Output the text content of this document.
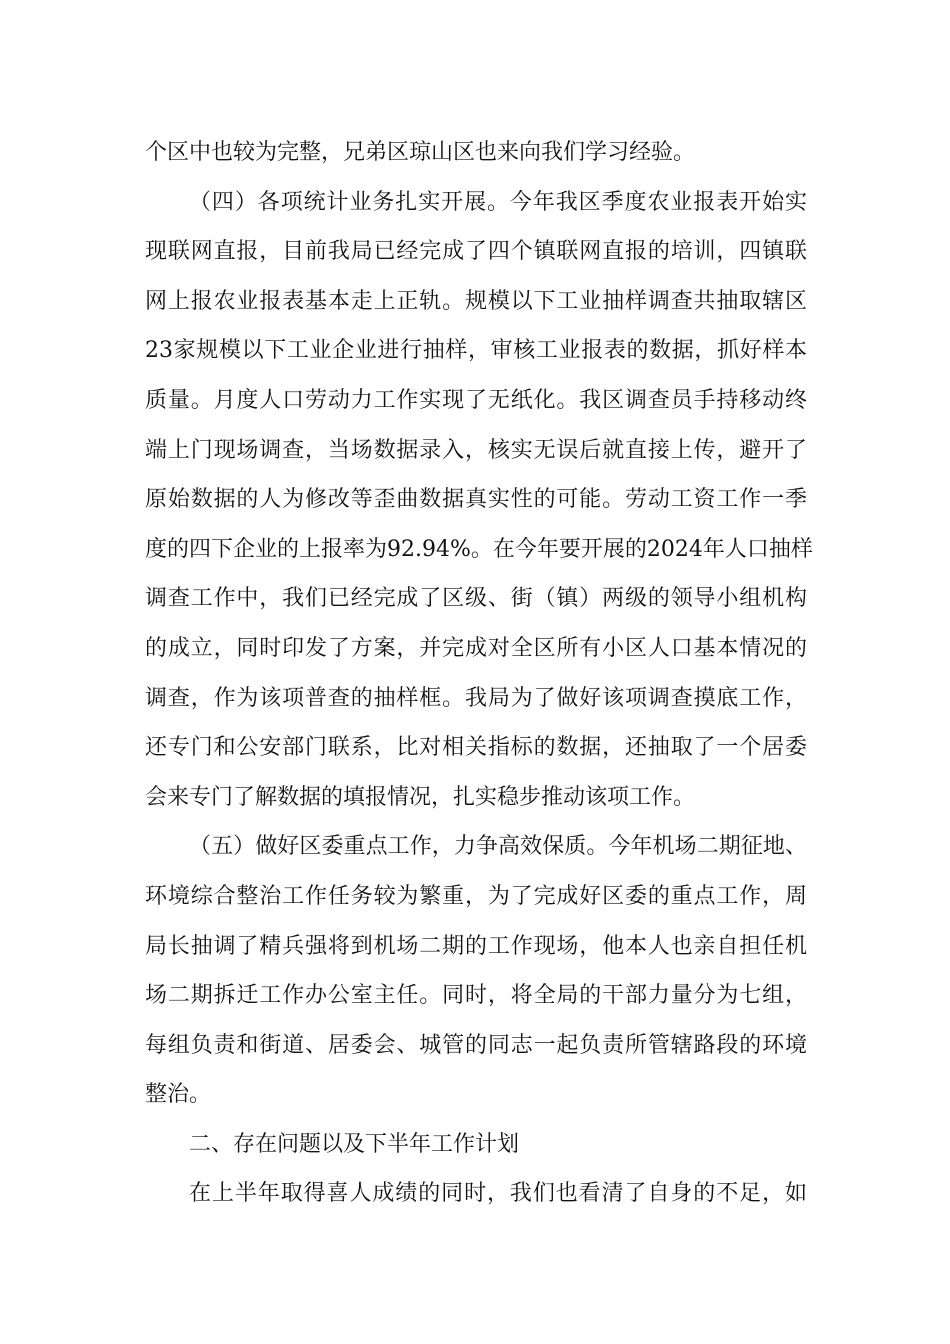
个区中也较为完整，兄弟区琼山区也来向我们学习经验。
（四）各项统计业务扎实开展。今年我区季度农业报表开始实
现联网直报，目前我局已经完成了四个镇联网直报的培训，四镇联
网上报农业报表基本走上正轨。规模以下工业抽样调查共抽取辖区
23家规模以下工业企业进行抽样，审核工业报表的数据，抓好样本
质量。月度人口劳动力工作实现了无纸化。我区调查员手持移动终
端上门现场调查，当场数据录入，核实无误后就直接上传，避开了
原始数据的人为修改等歪曲数据真实性的可能。劳动工资工作一季
度的四下企业的上报率为92.94%。在今年要开展的2024年人口抽样
调查工作中，我们已经完成了区级、街（镇）两级的领导小组机构
的成立，同时印发了方案，并完成对全区所有小区人口基本情况的
调查，作为该项普查的抽样框。我局为了做好该项调查摸底工作，
还专门和公安部门联系，比对相关指标的数据，还抽取了一个居委
会来专门了解数据的填报情况，扎实稳步推动该项工作。
（五）做好区委重点工作，力争高效保质。今年机场二期征地、
环境综合整治工作任务较为繁重，为了完成好区委的重点工作，周
局长抽调了精兵强将到机场二期的工作现场，他本人也亲自担任机
场二期拆迁工作办公室主任。同时，将全局的干部力量分为七组，
每组负责和街道、居委会、城管的同志一起负责所管辖路段的环境
整治。
二、存在问题以及下半年工作计划
在上半年取得喜人成绩的同时，我们也看清了自身的不足，如
